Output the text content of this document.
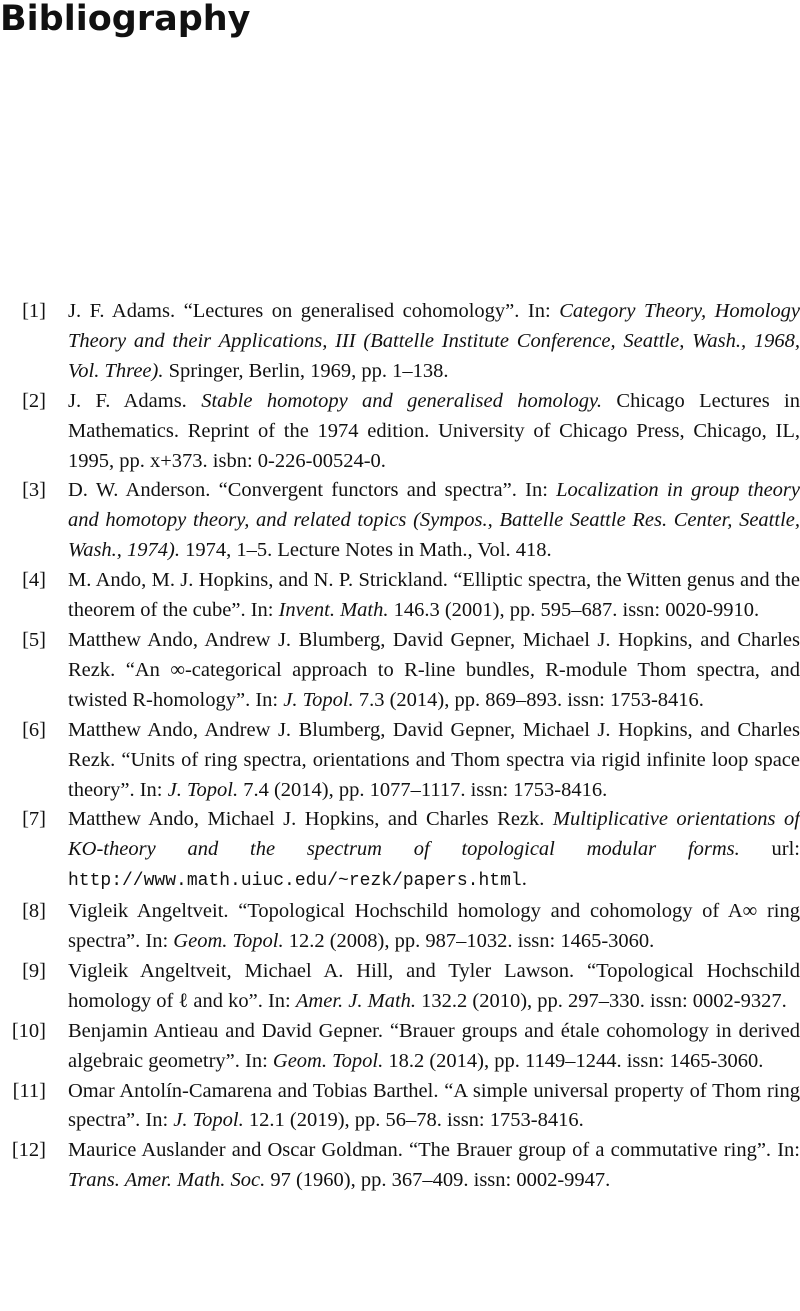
Bibliography
[1] J. F. Adams. “Lectures on generalised cohomology”. In: Category Theory, Homology Theory and their Applications, III (Battelle Institute Conference, Seattle, Wash., 1968, Vol. Three). Springer, Berlin, 1969, pp. 1–138.
[2] J. F. Adams. Stable homotopy and generalised homology. Chicago Lectures in Mathematics. Reprint of the 1974 edition. University of Chicago Press, Chicago, IL, 1995, pp. x+373. isbn: 0-226-00524-0.
[3] D. W. Anderson. “Convergent functors and spectra”. In: Localization in group theory and homotopy theory, and related topics (Sympos., Battelle Seattle Res. Center, Seattle, Wash., 1974). 1974, 1–5. Lecture Notes in Math., Vol. 418.
[4] M. Ando, M. J. Hopkins, and N. P. Strickland. “Elliptic spectra, the Witten genus and the theorem of the cube”. In: Invent. Math. 146.3 (2001), pp. 595–687. issn: 0020-9910.
[5] Matthew Ando, Andrew J. Blumberg, David Gepner, Michael J. Hopkins, and Charles Rezk. “An ∞-categorical approach to R-line bundles, R-module Thom spectra, and twisted R-homology”. In: J. Topol. 7.3 (2014), pp. 869–893. issn: 1753-8416.
[6] Matthew Ando, Andrew J. Blumberg, David Gepner, Michael J. Hopkins, and Charles Rezk. “Units of ring spectra, orientations and Thom spectra via rigid infinite loop space theory”. In: J. Topol. 7.4 (2014), pp. 1077–1117. issn: 1753-8416.
[7] Matthew Ando, Michael J. Hopkins, and Charles Rezk. Multiplicative orientations of KO-theory and the spectrum of topological modular forms. url: http://www.math.uiuc.edu/~rezk/papers.html.
[8] Vigleik Angeltveit. “Topological Hochschild homology and cohomology of A∞ ring spectra”. In: Geom. Topol. 12.2 (2008), pp. 987–1032. issn: 1465-3060.
[9] Vigleik Angeltveit, Michael A. Hill, and Tyler Lawson. “Topological Hochschild homology of ℓ and ko”. In: Amer. J. Math. 132.2 (2010), pp. 297–330. issn: 0002-9327.
[10] Benjamin Antieau and David Gepner. “Brauer groups and étale cohomology in derived algebraic geometry”. In: Geom. Topol. 18.2 (2014), pp. 1149–1244. issn: 1465-3060.
[11] Omar Antolín-Camarena and Tobias Barthel. “A simple universal property of Thom ring spectra”. In: J. Topol. 12.1 (2019), pp. 56–78. issn: 1753-8416.
[12] Maurice Auslander and Oscar Goldman. “The Brauer group of a commutative ring”. In: Trans. Amer. Math. Soc. 97 (1960), pp. 367–409. issn: 0002-9947.
